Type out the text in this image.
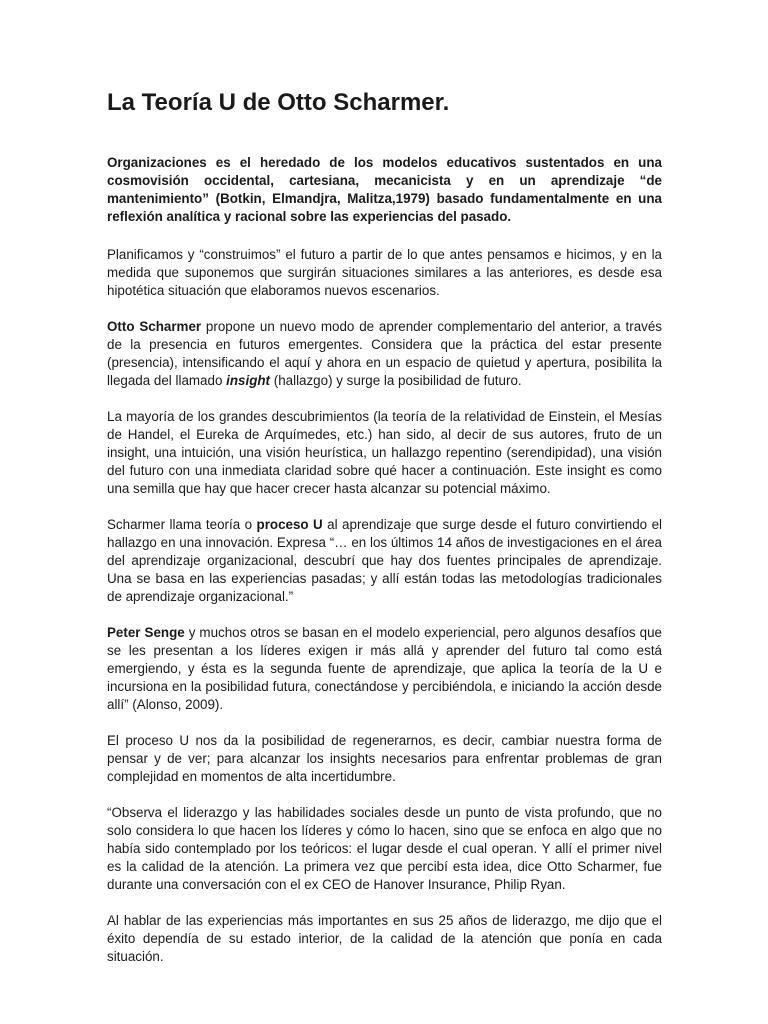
La Teoría U de Otto Scharmer.

Organizaciones es el heredado de los modelos educativos sustentados en una cosmovisión occidental, cartesiana, mecanicista y en un aprendizaje “de mantenimiento” (Botkin, Elmandjra, Malitza,1979) basado fundamentalmente en una reflexión analítica y racional sobre las experiencias del pasado.

Planificamos y “construimos” el futuro a partir de lo que antes pensamos e hicimos, y en la medida que suponemos que surgirán situaciones similares a las anteriores, es desde esa hipotética situación que elaboramos nuevos escenarios.

Otto Scharmer propone un nuevo modo de aprender complementario del anterior, a través de la presencia en futuros emergentes. Considera que la práctica del estar presente (presencia), intensificando el aquí y ahora en un espacio de quietud y apertura, posibilita la llegada del llamado insight (hallazgo) y surge la posibilidad de futuro.

La mayoría de los grandes descubrimientos (la teoría de la relatividad de Einstein, el Mesías de Handel, el Eureka de Arquímedes, etc.) han sido, al decir de sus autores, fruto de un insight, una intuición, una visión heurística, un hallazgo repentino (serendipidad), una visión del futuro con una inmediata claridad sobre qué hacer a continuación. Este insight es como una semilla que hay que hacer crecer hasta alcanzar su potencial máximo.

Scharmer llama teoría o proceso U al aprendizaje que surge desde el futuro convirtiendo el hallazgo en una innovación. Expresa “… en los últimos 14 años de investigaciones en el área del aprendizaje organizacional, descubrí que hay dos fuentes principales de aprendizaje. Una se basa en las experiencias pasadas; y allí están todas las metodologías tradicionales de aprendizaje organizacional.”

Peter Senge y muchos otros se basan en el modelo experiencial, pero algunos desafíos que se les presentan a los líderes exigen ir más allá y aprender del futuro tal como está emergiendo, y ésta es la segunda fuente de aprendizaje, que aplica la teoría de la U e incursiona en la posibilidad futura, conectándose y percibiéndola, e iniciando la acción desde allí” (Alonso, 2009).

El proceso U nos da la posibilidad de regenerarnos, es decir, cambiar nuestra forma de pensar y de ver; para alcanzar los insights necesarios para enfrentar problemas de gran complejidad en momentos de alta incertidumbre.

“Observa el liderazgo y las habilidades sociales desde un punto de vista profundo, que no solo considera lo que hacen los líderes y cómo lo hacen, sino que se enfoca en algo que no había sido contemplado por los teóricos: el lugar desde el cual operan. Y allí el primer nivel es la calidad de la atención. La primera vez que percibí esta idea, dice Otto Scharmer, fue durante una conversación con el ex CEO de Hanover Insurance, Philip Ryan.

Al hablar de las experiencias más importantes en sus 25 años de liderazgo, me dijo que el éxito dependía de su estado interior, de la calidad de la atención que ponía en cada situación.
